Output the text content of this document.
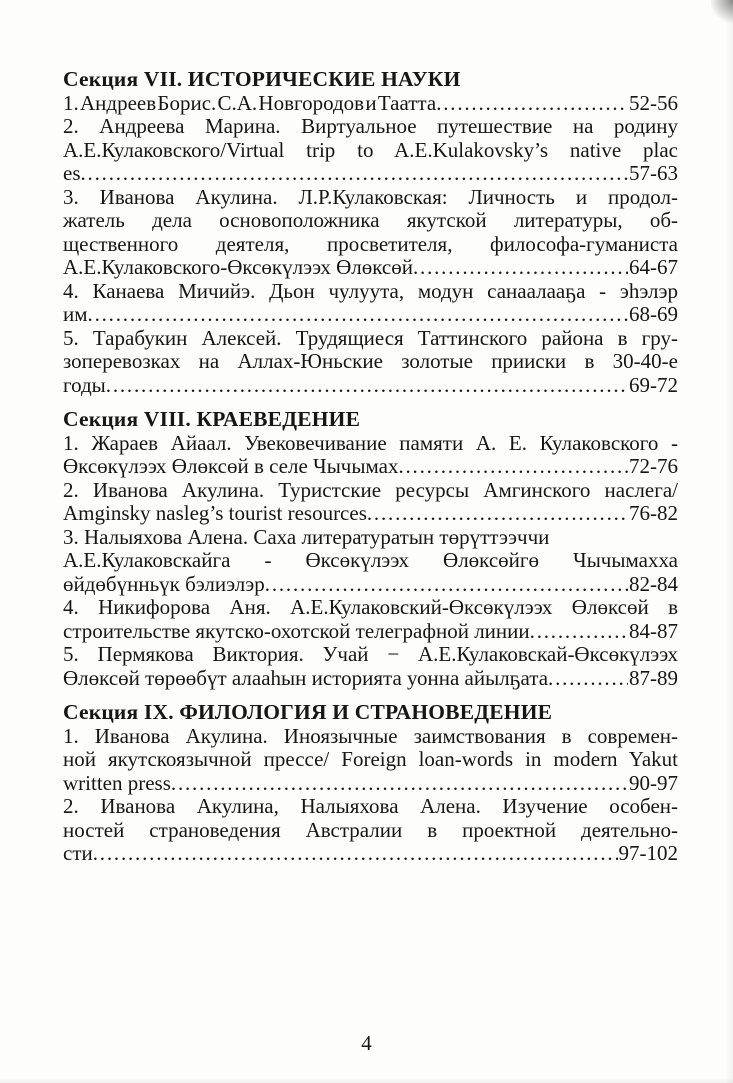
Секция VII. ИСТОРИЧЕСКИЕ НАУКИ
1. Андреев Борис. С.А. Новгородов и Таатта .....	52-56
2. Андреева Марина. Виртуальное путешествие на родину
А.Е.Кулаковского/Virtual trip to A.E.Kulakovsky’s native plac
es .....	57-63
3. Иванова Акулина. Л.Р.Кулаковская: Личность и продол-
жатель дела основоположника якутской литературы, об-
щественного деятеля, просветителя, философа-гуманиста
А.Е.Кулаковского-Өксөкүлээх Өлөксөй .....	64-67
4. Канаева Мичийэ. Дьон чулуута, модун санаалааҕа - эһэлэр
им .....	68-69
5. Тарабукин Алексей. Трудящиеся Таттинского района в гру-
зоперевозках на Аллах-Юньские золотые прииски в 30-40-е
годы .....	69-72
Секция VIII. КРАЕВЕДЕНИЕ
1. Жараев Айаал. Увековечивание памяти А. Е. Кулаковского -
Өксөкүлээх Өлөксөй в селе Чычымах .....	72-76
2. Иванова Акулина. Туристские ресурсы Амгинского наслега/
Amginsky nasleg’s tourist resources .....	76-82
3. Налыяхова Алена. Саха литературатын төрүттээччи
А.Е.Кулаковскайга - Өксөкүлээх Өлөксөйгө Чычымахха
өйдөбүнньүк бэлиэлэр .....	82-84
4. Никифорова Аня. А.Е.Кулаковский-Өксөкүлээх Өлөксөй в
строительстве якутско-охотской телеграфной линии .....	84-87
5. Пермякова Виктория. Учай − А.Е.Кулаковскай-Өксөкүлээх
Өлөксөй төрөөбүт алааһын историята уонна айылҕата .....	87-89
Секция IX. ФИЛОЛОГИЯ И СТРАНОВЕДЕНИЕ
1. Иванова Акулина. Иноязычные заимствования в современ-
ной якутскоязычной прессе/ Foreign loan-words in modern Yakut
written press .....	90-97
2. Иванова Акулина, Налыяхова Алена. Изучение особен-
ностей страноведения Австралии в проектной деятельно-
сти .....	97-102
4
